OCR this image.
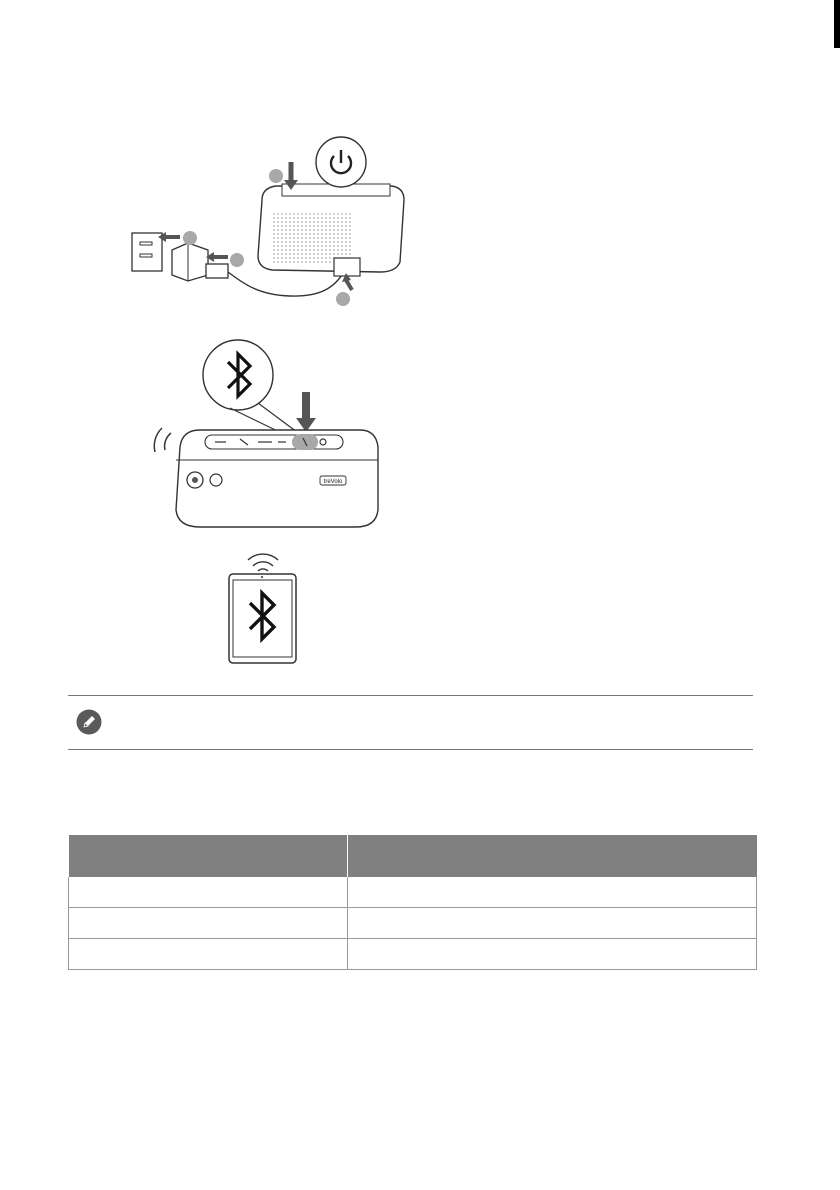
treVolo
